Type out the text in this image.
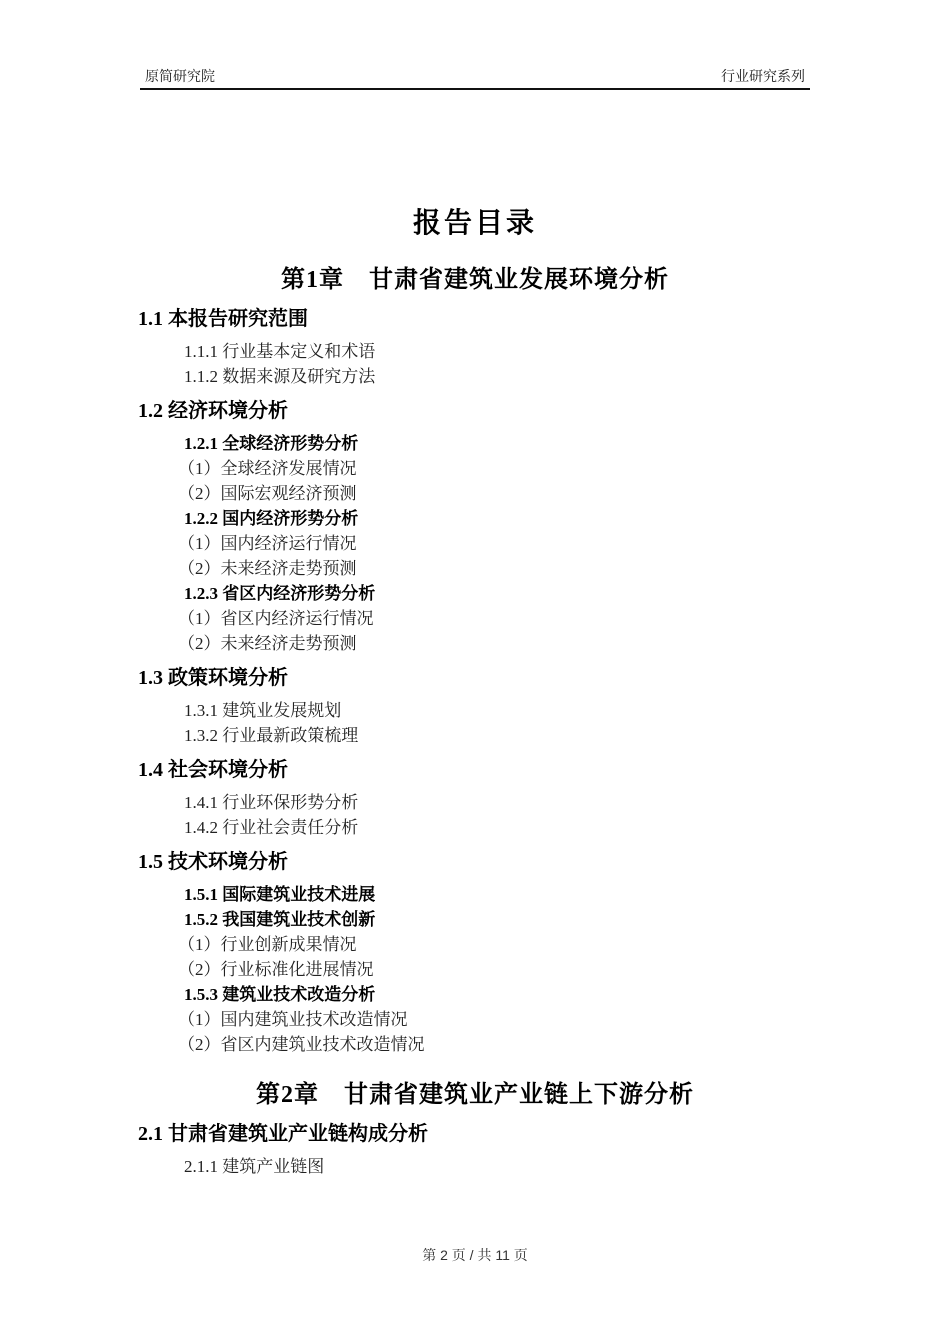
原简研究院	行业研究系列
报告目录
第1章　甘肃省建筑业发展环境分析
1.1 本报告研究范围
1.1.1 行业基本定义和术语
1.1.2 数据来源及研究方法
1.2 经济环境分析
1.2.1 全球经济形势分析
（1）全球经济发展情况
（2）国际宏观经济预测
1.2.2 国内经济形势分析
（1）国内经济运行情况
（2）未来经济走势预测
1.2.3 省区内经济形势分析
（1）省区内经济运行情况
（2）未来经济走势预测
1.3 政策环境分析
1.3.1 建筑业发展规划
1.3.2 行业最新政策梳理
1.4 社会环境分析
1.4.1 行业环保形势分析
1.4.2 行业社会责任分析
1.5 技术环境分析
1.5.1 国际建筑业技术进展
1.5.2 我国建筑业技术创新
（1）行业创新成果情况
（2）行业标准化进展情况
1.5.3 建筑业技术改造分析
（1）国内建筑业技术改造情况
（2）省区内建筑业技术改造情况
第2章　甘肃省建筑业产业链上下游分析
2.1 甘肃省建筑业产业链构成分析
2.1.1 建筑产业链图
第 2 页 / 共 11 页
